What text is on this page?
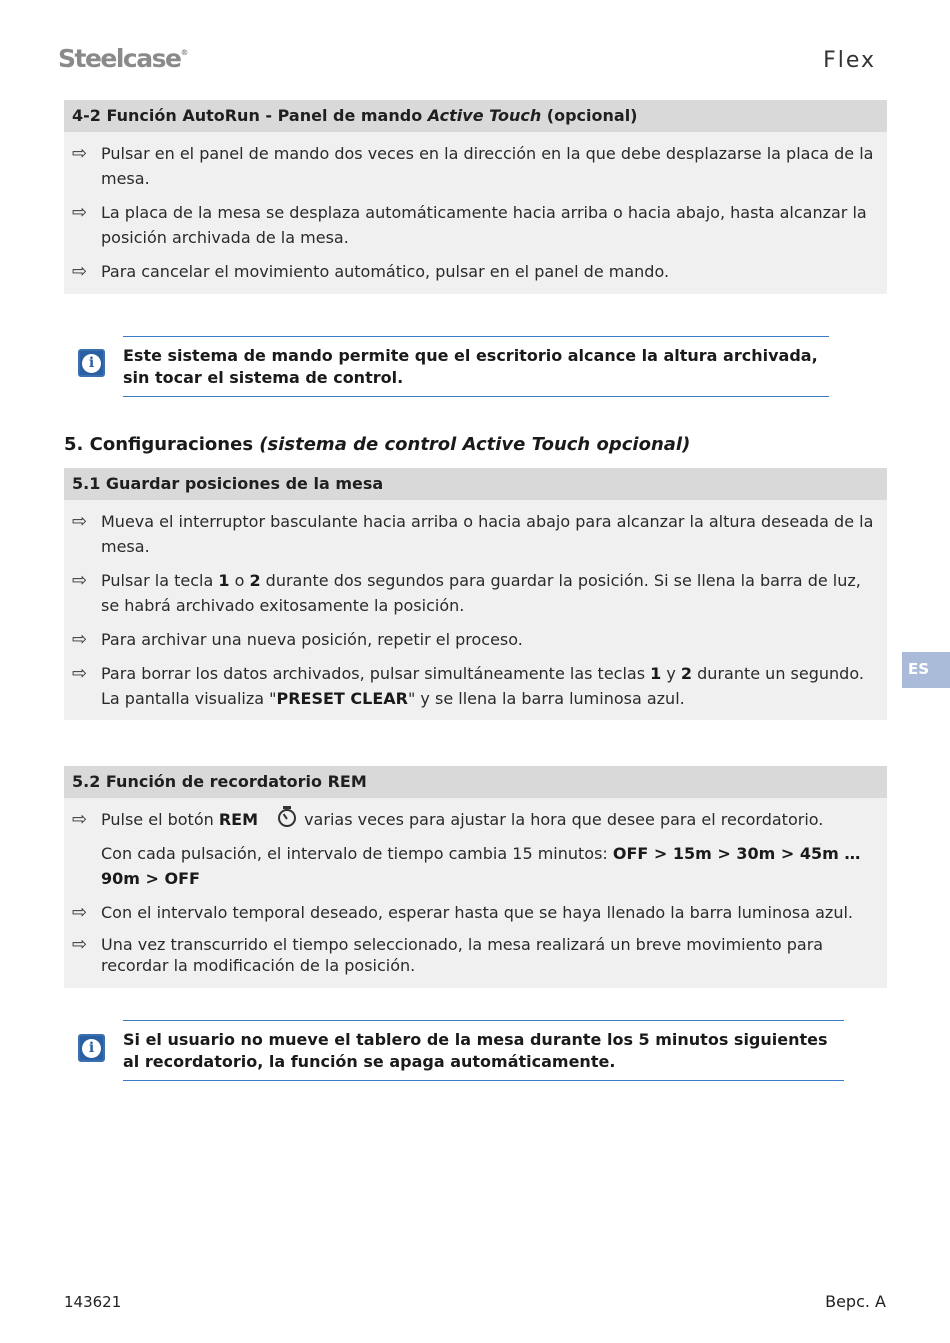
Steelcase®	Flex
4-2 Función AutoRun - Panel de mando Active Touch (opcional)
⇨ Pulsar en el panel de mando dos veces en la dirección en la que debe desplazarse la placa de la mesa.
⇨ La placa de la mesa se desplaza automáticamente hacia arriba o hacia abajo, hasta alcanzar la posición archivada de la mesa.
⇨ Para cancelar el movimiento automático, pulsar en el panel de mando.
i	Este sistema de mando permite que el escritorio alcance la altura archivada, sin tocar el sistema de control.
5. Configuraciones (sistema de control Active Touch opcional)
5.1 Guardar posiciones de la mesa
⇨ Mueva el interruptor basculante hacia arriba o hacia abajo para alcanzar la altura deseada de la mesa.
⇨ Pulsar la tecla 1 o 2 durante dos segundos para guardar la posición. Si se llena la barra de luz, se habrá archivado exitosamente la posición.
⇨ Para archivar una nueva posición, repetir el proceso.
⇨ Para borrar los datos archivados, pulsar simultáneamente las teclas 1 y 2 durante un segundo. La pantalla visualiza "PRESET CLEAR" y se llena la barra luminosa azul.
ES
5.2 Función de recordatorio REM
⇨ Pulse el botón REM	varias veces para ajustar la hora que desee para el recordatorio.
Con cada pulsación, el intervalo de tiempo cambia 15 minutos: OFF > 15m > 30m > 45m … 90m > OFF
⇨ Con el intervalo temporal deseado, esperar hasta que se haya llenado la barra luminosa azul.
⇨ Una vez transcurrido el tiempo seleccionado, la mesa realizará un breve movimiento para recordar la modificación de la posición.
i	Si el usuario no mueve el tablero de la mesa durante los 5 minutos siguientes al recordatorio, la función se apaga automáticamente.
143621	Bepc. A
